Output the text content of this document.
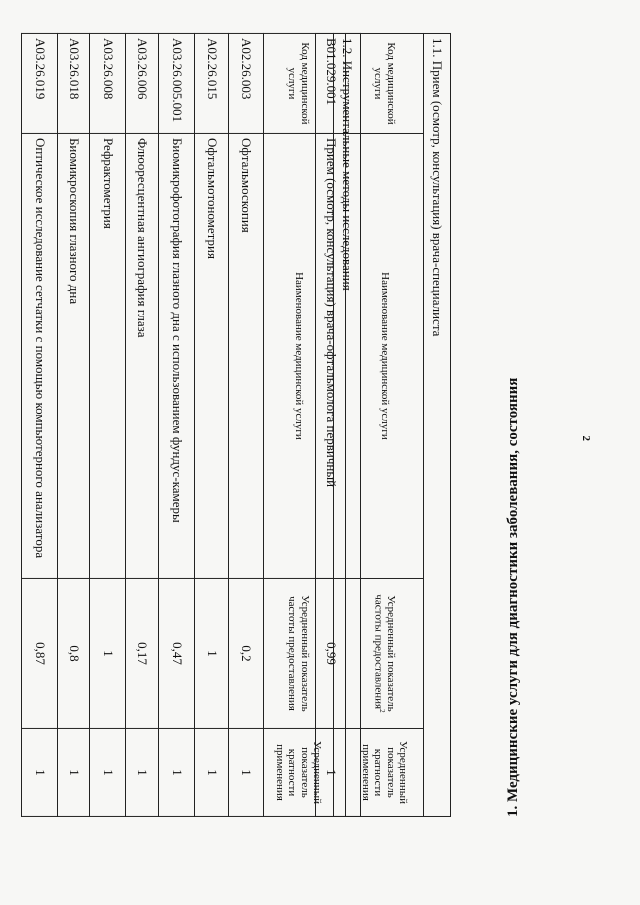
2
1. Медицинские услуги для диагностики заболевания, состояния
1.1. Прием (осмотр, консультация) врача-специалиста			
Код медицинской услуги	Наименование медицинской услуги	Усредненный показатель частоты предоставления$^2$	Усредненный показатель кратности применения
B01.029.001	Прием (осмотр, консультация) врача-офтальмолога первичный	0,99	1
1.2. Инструментальные методы исследования			
Код медицинской услуги	Наименование медицинской услуги	Усредненный показатель частоты предоставления	Усредненный показатель кратности применения
A02.26.003	Офтальмоскопия	0,2	1
A02.26.015	Офтальмотонометрия	1	1
A03.26.005.001	Биомикрофотография глазного дна с использованием фундус-камеры	0,47	1
A03.26.006	Флюоресцентная ангиография глаза	0,17	1
A03.26.008	Рефрактометрия	1	1
A03.26.018	Биомикроскопия глазного дна	0,8	1
A03.26.019	Оптическое исследование сетчатки с помощью компьютерного анализатора	0,87	1
